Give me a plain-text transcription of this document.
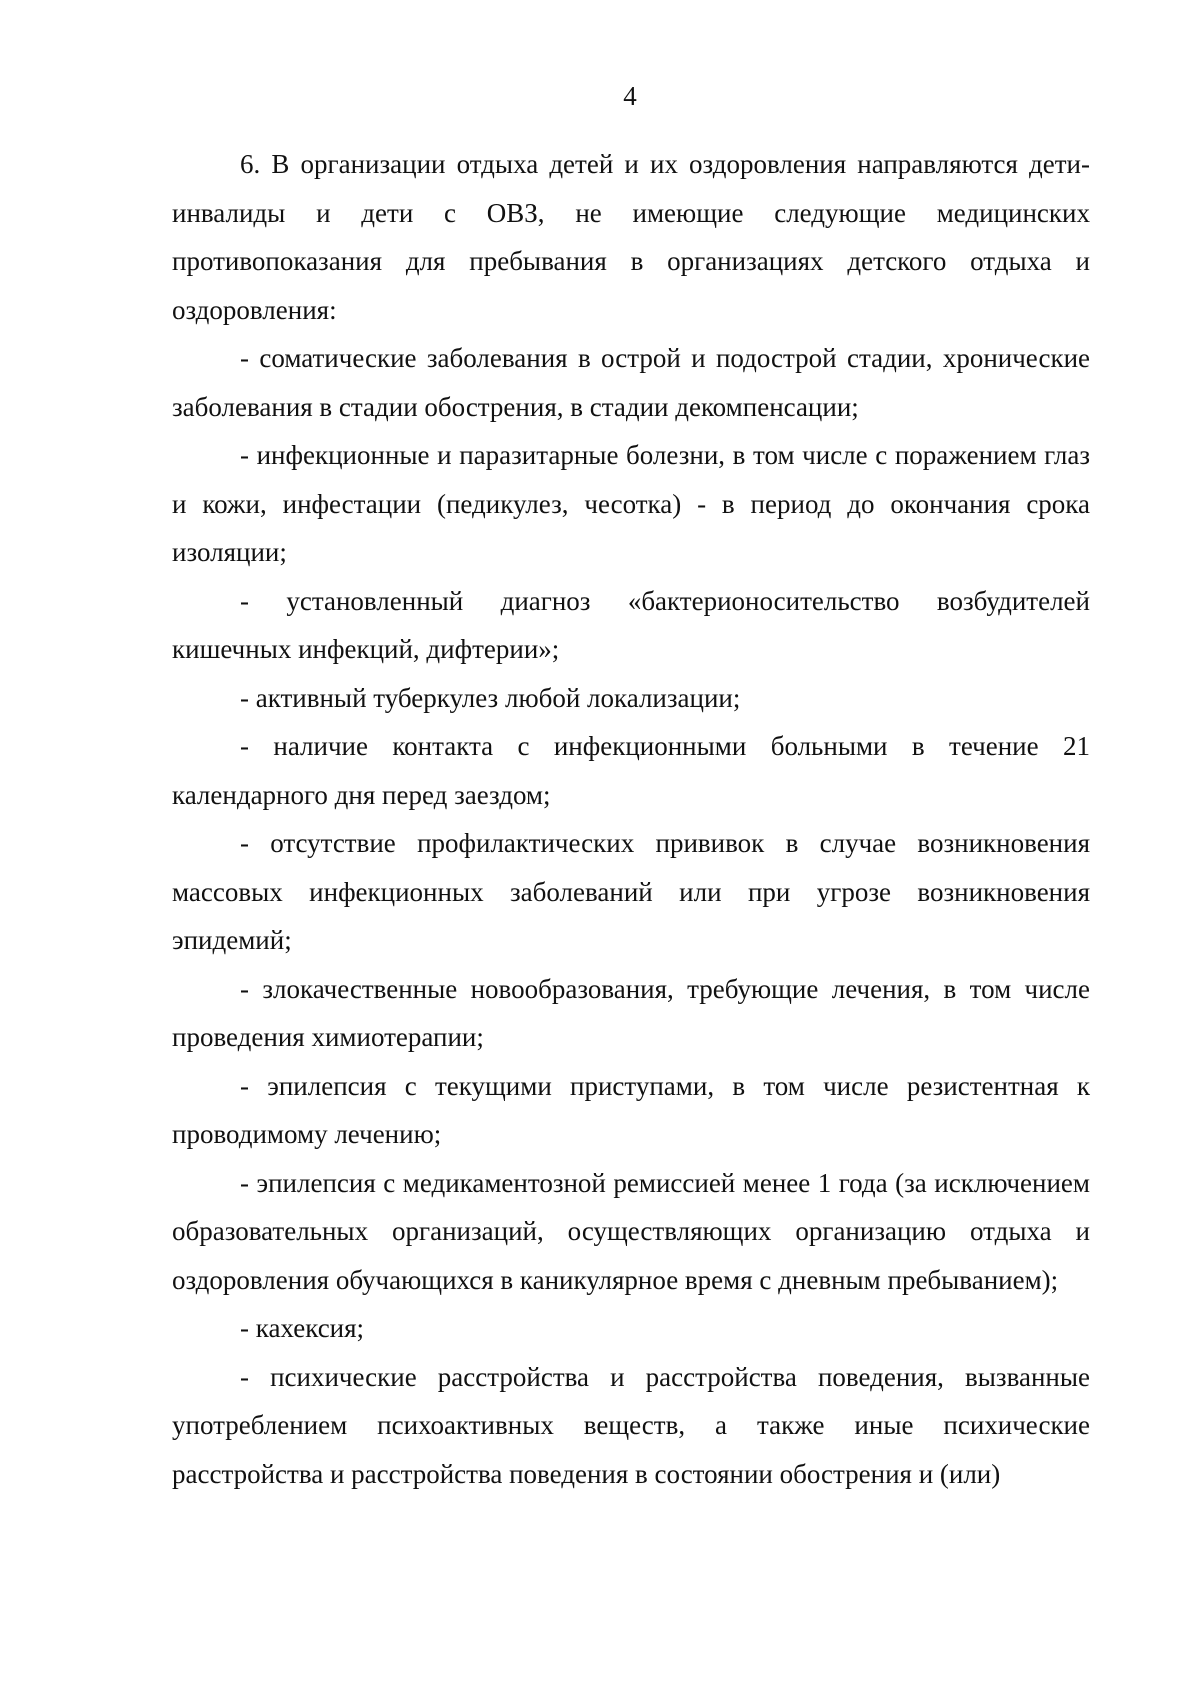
4

6. В организации отдыха детей и их оздоровления направляются дети-инвалиды и дети с ОВЗ, не имеющие следующие медицинских противопоказания для пребывания в организациях детского отдыха и оздоровления:

- соматические заболевания в острой и подострой стадии, хронические заболевания в стадии обострения, в стадии декомпенсации;

- инфекционные и паразитарные болезни, в том числе с поражением глаз и кожи, инфестации (педикулез, чесотка) - в период до окончания срока изоляции;

- установленный диагноз «бактерионосительство возбудителей кишечных инфекций, дифтерии»;

- активный туберкулез любой локализации;

- наличие контакта с инфекционными больными в течение 21 календарного дня перед заездом;

- отсутствие профилактических прививок в случае возникновения массовых инфекционных заболеваний или при угрозе возникновения эпидемий;

- злокачественные новообразования, требующие лечения, в том числе проведения химиотерапии;

- эпилепсия с текущими приступами, в том числе резистентная к проводимому лечению;

- эпилепсия с медикаментозной ремиссией менее 1 года (за исключением образовательных организаций, осуществляющих организацию отдыха и оздоровления обучающихся в каникулярное время с дневным пребыванием);

- кахексия;

- психические расстройства и расстройства поведения, вызванные употреблением психоактивных веществ, а также иные психические расстройства и расстройства поведения в состоянии обострения и (или)
